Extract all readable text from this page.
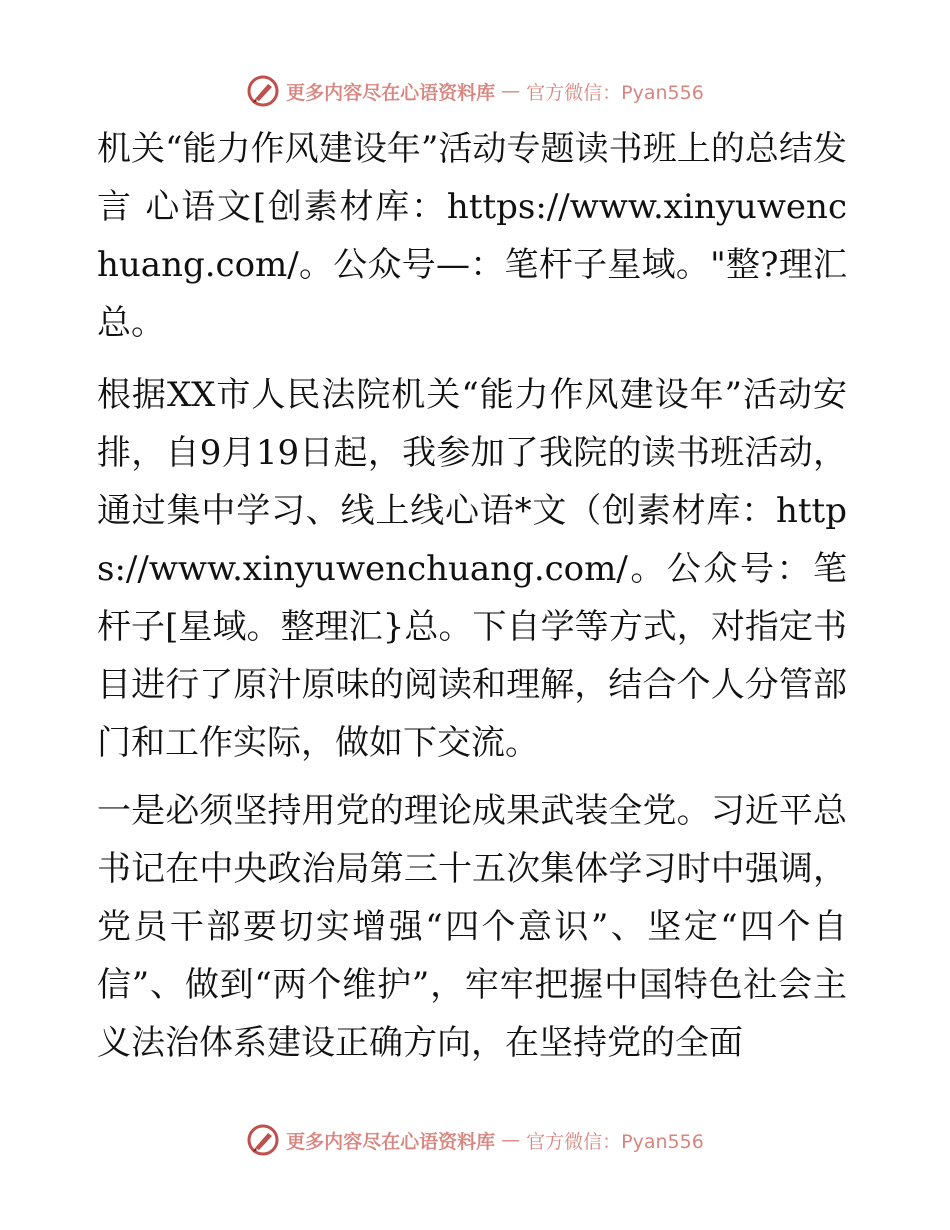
更多内容尽在心语资料库 — 官方微信：Pyan556

机关“能力作风建设年”活动专题读书班上的总结发言 心语文[创素材库：https://www.xinyuwenchuang.com/。公众号—：笔杆子星域。"整?理汇总。

根据XX市人民法院机关“能力作风建设年”活动安排，自9月19日起，我参加了我院的读书班活动，通过集中学习、线上线心语*文（创素材库：https://www.xinyuwenchuang.com/。公众号：笔杆子[星域。整理汇}总。下自学等方式，对指定书目进行了原汁原味的阅读和理解，结合个人分管部门和工作实际，做如下交流。

一是必须坚持用党的理论成果武装全党。习近平总书记在中央政治局第三十五次集体学习时中强调，党员干部要切实增强“四个意识”、坚定“四个自信”、做到“两个维护”，牢牢把握中国特色社会主义法治体系建设正确方向，在坚持党的全面

更多内容尽在心语资料库 — 官方微信：Pyan556
